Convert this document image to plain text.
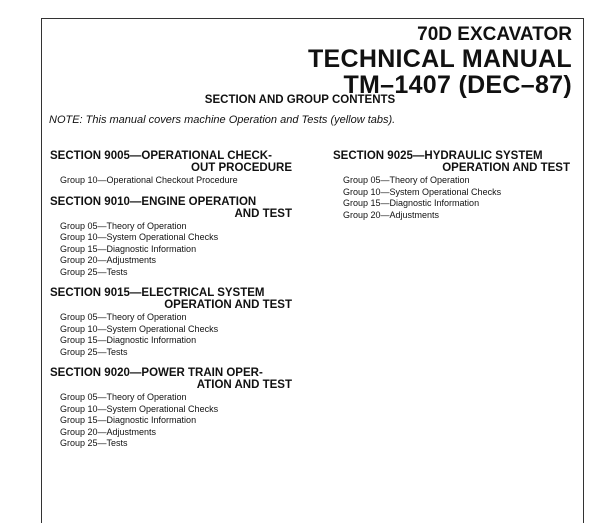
70D EXCAVATOR
TECHNICAL MANUAL
TM–1407 (DEC–87)
SECTION AND GROUP CONTENTS
NOTE: This manual covers machine Operation and Tests (yellow tabs).
SECTION 9005—OPERATIONAL CHECK-
OUT PROCEDURE
Group 10—Operational Checkout Procedure
SECTION 9010—ENGINE OPERATION
AND TEST
Group 05—Theory of Operation
Group 10—System Operational Checks
Group 15—Diagnostic Information
Group 20—Adjustments
Group 25—Tests
SECTION 9015—ELECTRICAL SYSTEM
OPERATION AND TEST
Group 05—Theory of Operation
Group 10—System Operational Checks
Group 15—Diagnostic Information
Group 25—Tests
SECTION 9020—POWER TRAIN OPER-
ATION AND TEST
Group 05—Theory of Operation
Group 10—System Operational Checks
Group 15—Diagnostic Information
Group 20—Adjustments
Group 25—Tests
SECTION 9025—HYDRAULIC SYSTEM
OPERATION AND TEST
Group 05—Theory of Operation
Group 10—System Operational Checks
Group 15—Diagnostic Information
Group 20—Adjustments
